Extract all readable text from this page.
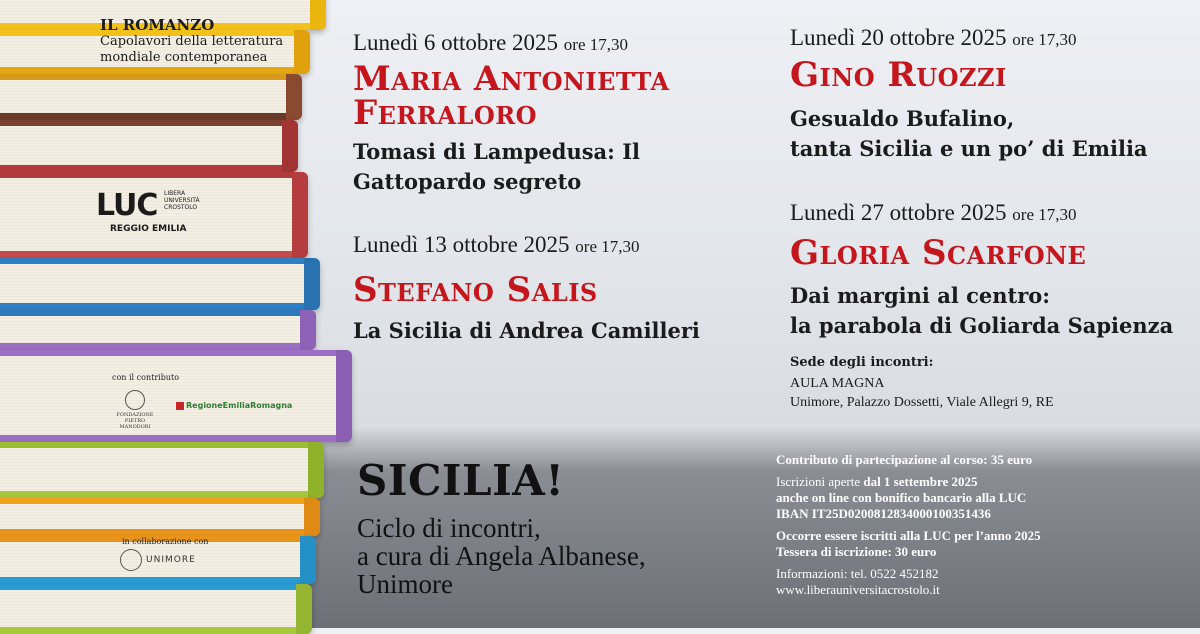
IL ROMANZO
Capolavori della letteratura
mondiale contemporanea
LUC LIBERA UNIVERSITÀ CROSTOLO
REGGIO EMILIA
con il contributo
FONDAZIONE PIETRO MANODORI
RegioneEmiliaRomagna
in collaborazione con
UNIMORE
Lunedì 6 ottobre 2025 ore 17,30
Maria Antonietta
Ferraloro
Tomasi di Lampedusa: Il
Gattopardo segreto
Lunedì 13 ottobre 2025 ore 17,30
Stefano Salis
La Sicilia di Andrea Camilleri
Lunedì 20 ottobre 2025 ore 17,30
Gino Ruozzi
Gesualdo Bufalino,
tanta Sicilia e un po’ di Emilia
Lunedì 27 ottobre 2025 ore 17,30
Gloria Scarfone
Dai margini al centro:
la parabola di Goliarda Sapienza
Sede degli incontri:
AULA MAGNA
Unimore, Palazzo Dossetti, Viale Allegri 9, RE
SICILIA!
Ciclo di incontri,
a cura di Angela Albanese,
Unimore
Contributo di partecipazione al corso: 35 euro
Iscrizioni aperte dal 1 settembre 2025
anche on line con bonifico bancario alla LUC
IBAN IT25D0200812834000100351436
Occorre essere iscritti alla LUC per l’anno 2025
Tessera di iscrizione: 30 euro
Informazioni: tel. 0522 452182
www.liberauniversitacrostolo.it
